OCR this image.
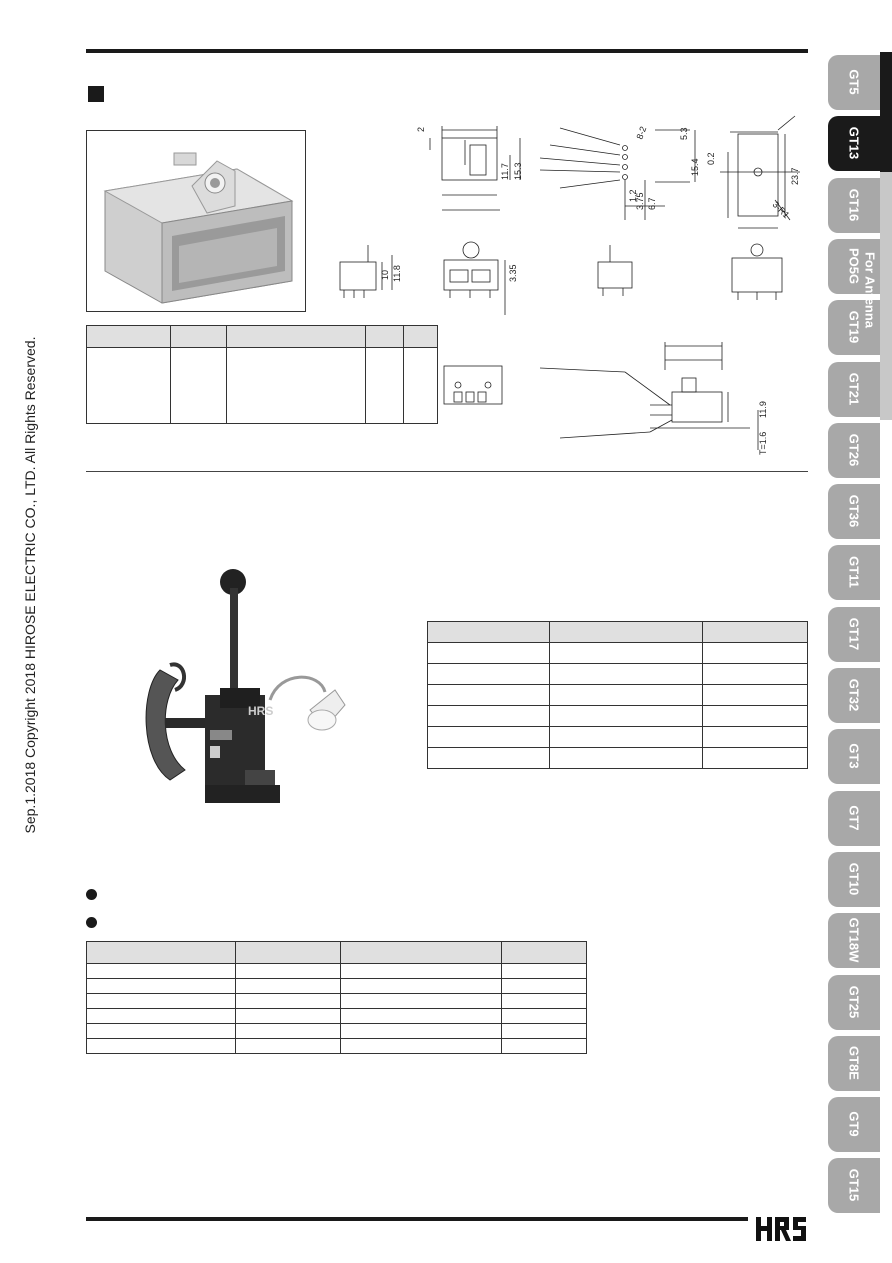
2
11.7 15.3
8-2	5.3
15.4
1.2
3.75 6.7
0.2
23.7
3-R1
10 11.8	3.35
11.9
T=1.6
Sep.1.2018 Copyright 2018 HIROSE ELECTRIC CO., LTD. All Rights Reserved.	HRS

GT5
GT13
GT16
PO5G
GT19
GT21
GT26
GT36
GT11
GT17
GT32
GT3
GT7
GT10
GT18W
GT25
GT8E
GT9
GT15
For Antenna
